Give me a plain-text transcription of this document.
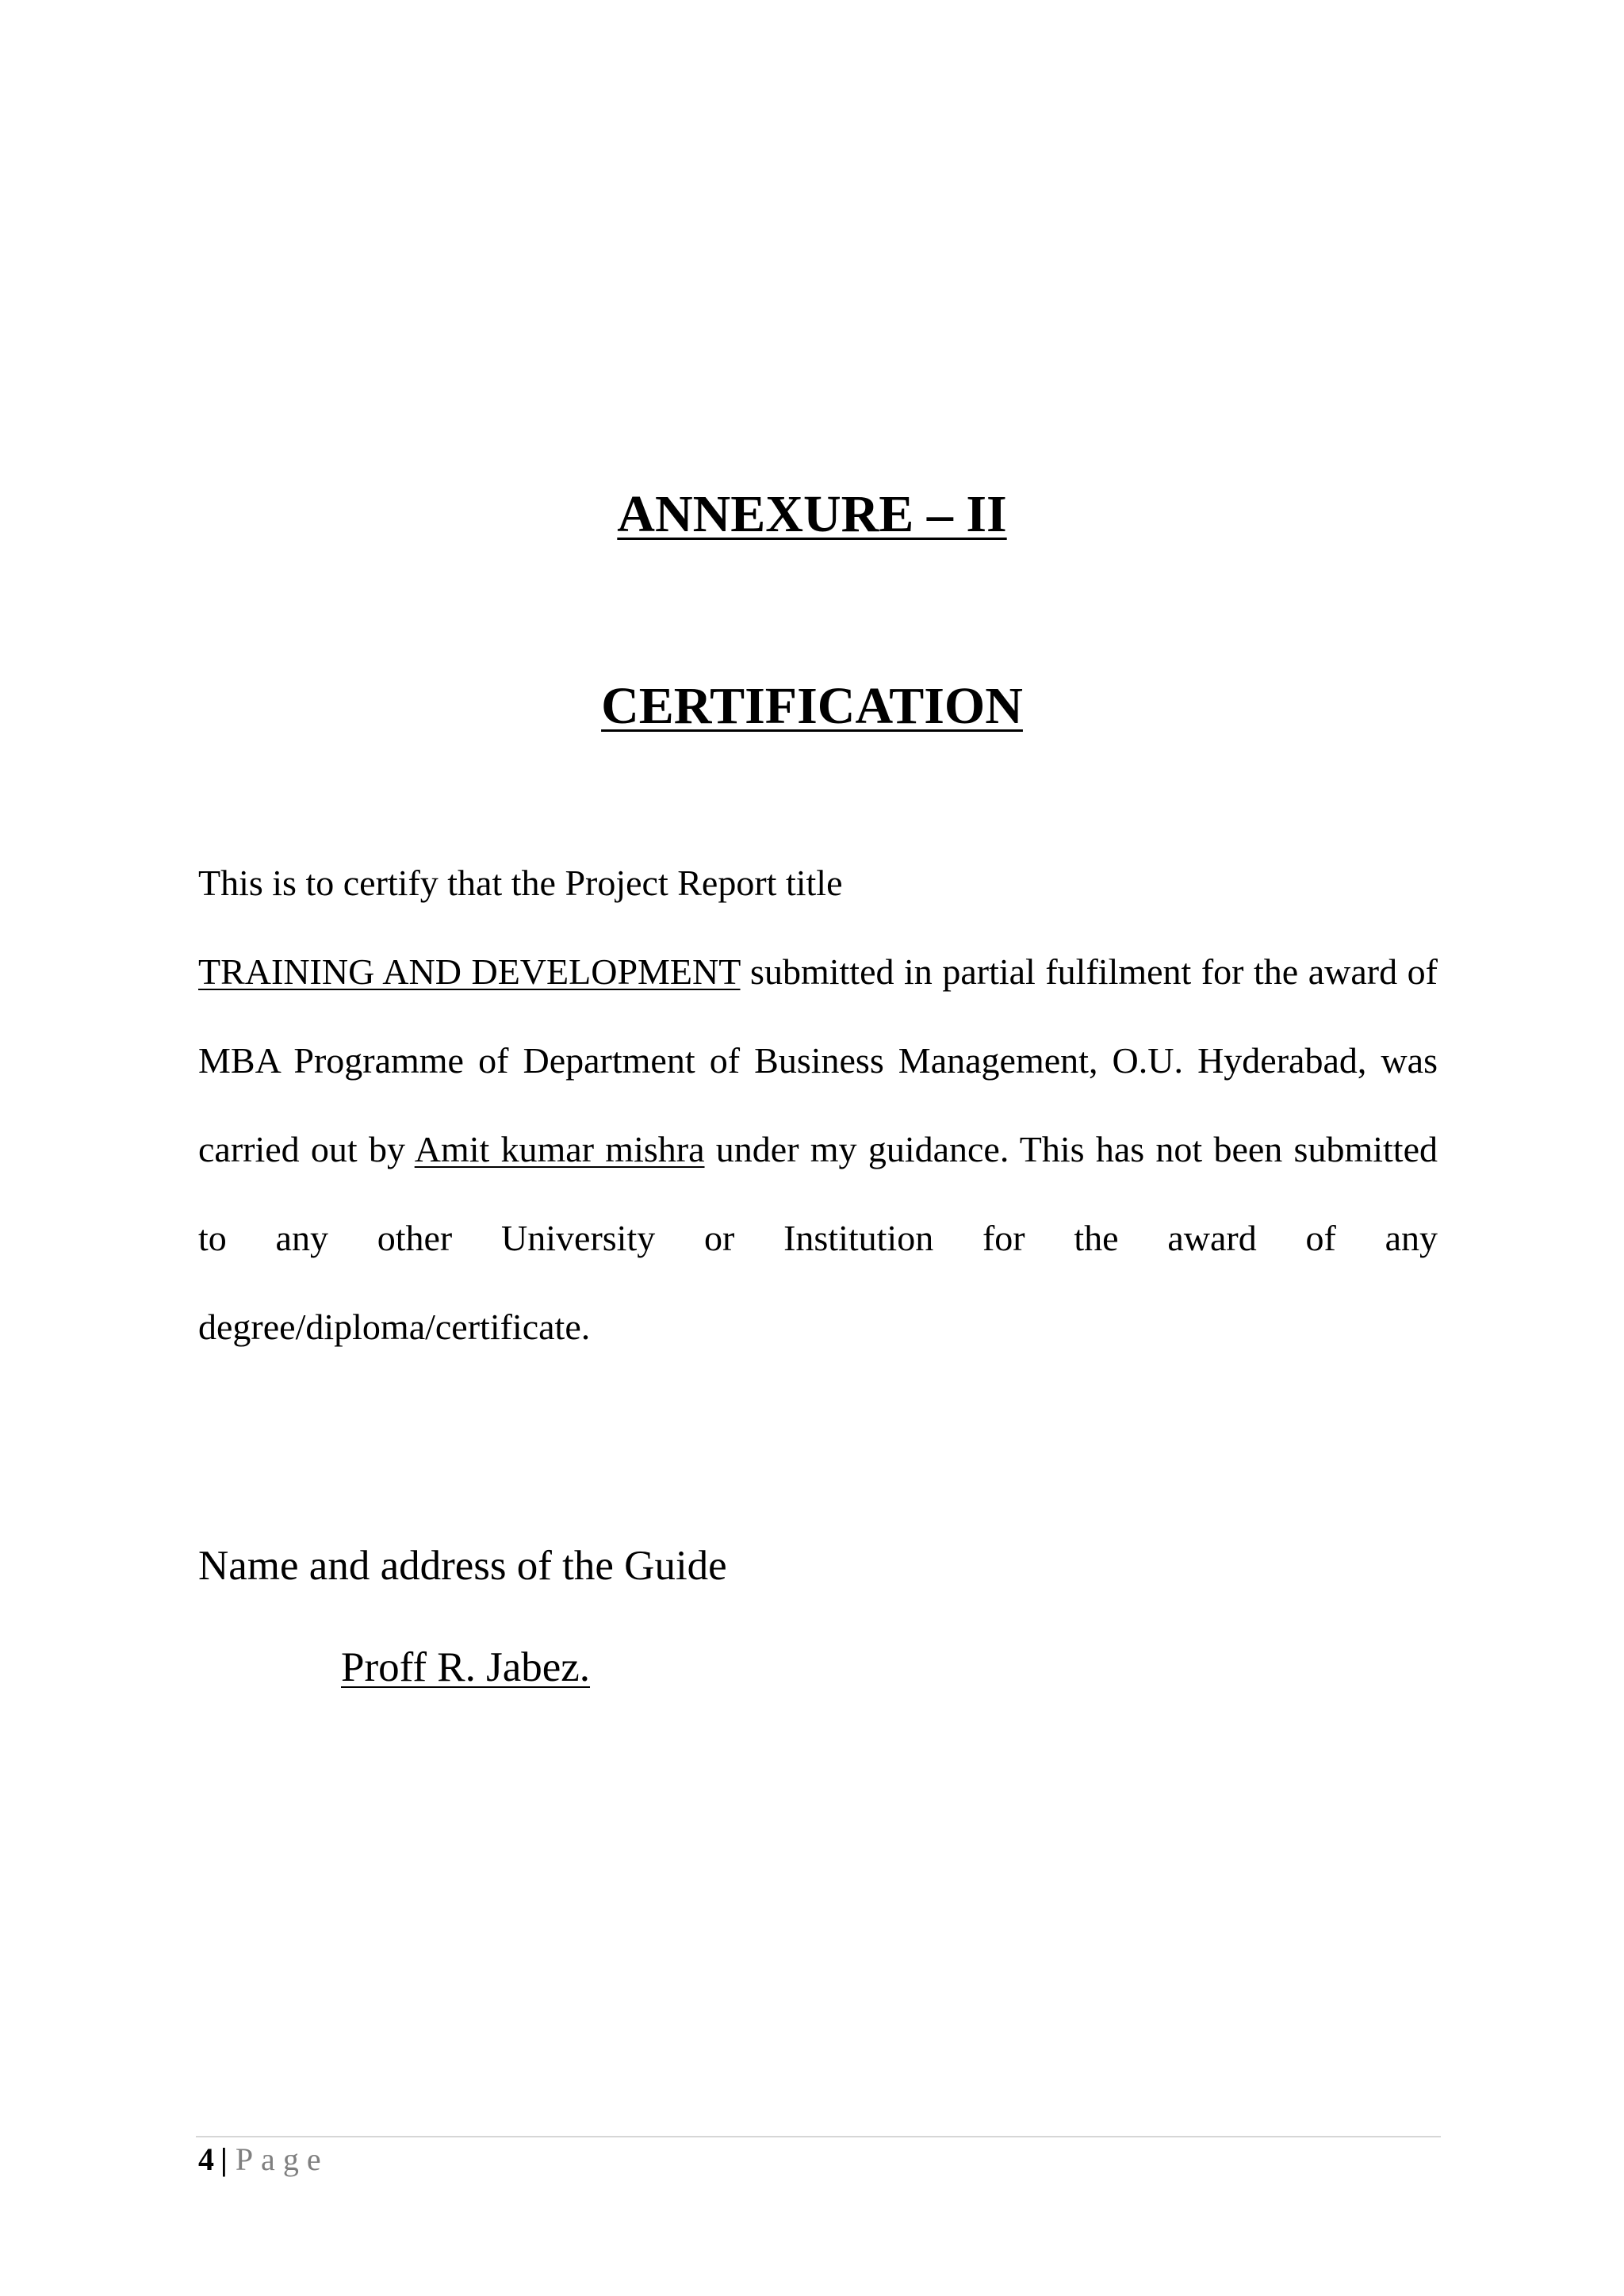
ANNEXURE – II
CERTIFICATION

This is to certify that the Project Report title

TRAINING AND DEVELOPMENT submitted in partial fulfilment for the award of MBA Programme of Department of Business Management, O.U. Hyderabad, was carried out by Amit kumar mishra under my guidance. This has not been submitted to any other University or Institution for the award of any degree/diploma/certificate.

Name and address of the Guide

Proff R. Jabez.

4 | Page
